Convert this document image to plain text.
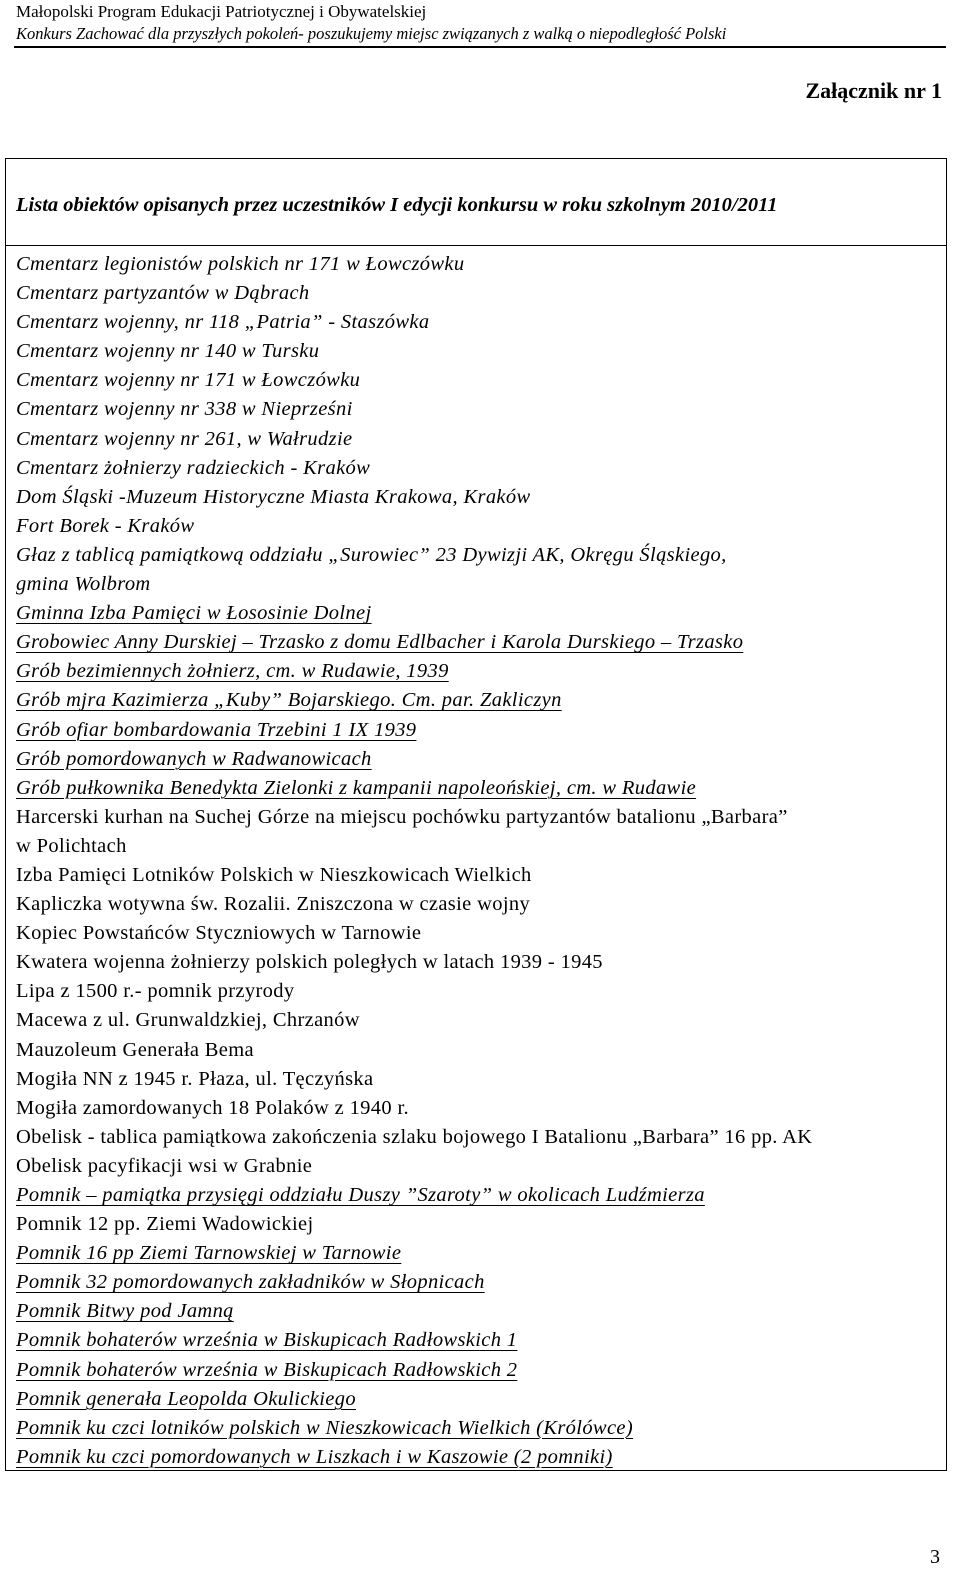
Małopolski Program Edukacji Patriotycznej i Obywatelskiej
Konkurs Zachować dla przyszłych pokoleń- poszukujemy miejsc związanych z walką o niepodległość Polski
Załącznik nr 1
Lista obiektów opisanych przez uczestników I edycji konkursu w roku szkolnym 2010/2011
Cmentarz legionistów polskich nr 171 w Łowczówku
Cmentarz partyzantów w Dąbrach
Cmentarz wojenny, nr 118 „Patria” - Staszówka
Cmentarz wojenny nr 140 w Tursku
Cmentarz wojenny nr 171 w Łowczówku
Cmentarz wojenny nr 338 w Nieprześni
Cmentarz wojenny nr 261, w Wałrudzie
Cmentarz żołnierzy radzieckich - Kraków
Dom Śląski -Muzeum Historyczne Miasta Krakowa, Kraków
Fort Borek - Kraków
Głaz z tablicą pamiątkową oddziału „Surowiec” 23 Dywizji AK, Okręgu Śląskiego,
gmina Wolbrom
Gminna Izba Pamięci w Łososinie Dolnej
Grobowiec Anny Durskiej – Trzasko z domu Edlbacher i Karola Durskiego – Trzasko
Grób bezimiennych żołnierz, cm. w Rudawie, 1939
Grób mjra Kazimierza „Kuby” Bojarskiego. Cm. par. Zakliczyn
Grób ofiar bombardowania Trzebini 1 IX 1939
Grób pomordowanych w Radwanowicach
Grób pułkownika Benedykta Zielonki z kampanii napoleońskiej, cm. w Rudawie
Harcerski kurhan na Suchej Górze na miejscu pochówku partyzantów batalionu „Barbara”
w Polichtach
Izba Pamięci Lotników Polskich w Nieszkowicach Wielkich
Kapliczka wotywna św. Rozalii. Zniszczona w czasie wojny
Kopiec Powstańców Styczniowych w Tarnowie
Kwatera wojenna żołnierzy polskich poległych w latach 1939 - 1945
Lipa z 1500 r.- pomnik przyrody
Macewa z ul. Grunwaldzkiej, Chrzanów
Mauzoleum Generała Bema
Mogiła NN z 1945 r. Płaza, ul. Tęczyńska
Mogiła zamordowanych 18 Polaków z 1940 r.
Obelisk - tablica pamiątkowa zakończenia szlaku bojowego I Batalionu „Barbara” 16 pp. AK
Obelisk pacyfikacji wsi w Grabnie
Pomnik – pamiątka przysięgi oddziału Duszy ”Szaroty” w okolicach Ludźmierza
Pomnik 12 pp. Ziemi Wadowickiej
Pomnik 16 pp Ziemi Tarnowskiej w Tarnowie
Pomnik 32 pomordowanych zakładników w Słopnicach
Pomnik Bitwy pod Jamną
Pomnik bohaterów września w Biskupicach Radłowskich 1
Pomnik bohaterów września w Biskupicach Radłowskich 2
Pomnik generała Leopolda Okulickiego
Pomnik ku czci lotników polskich w Nieszkowicach Wielkich (Królówce)
Pomnik ku czci pomordowanych w Liszkach i w Kaszowie (2 pomniki)
3
